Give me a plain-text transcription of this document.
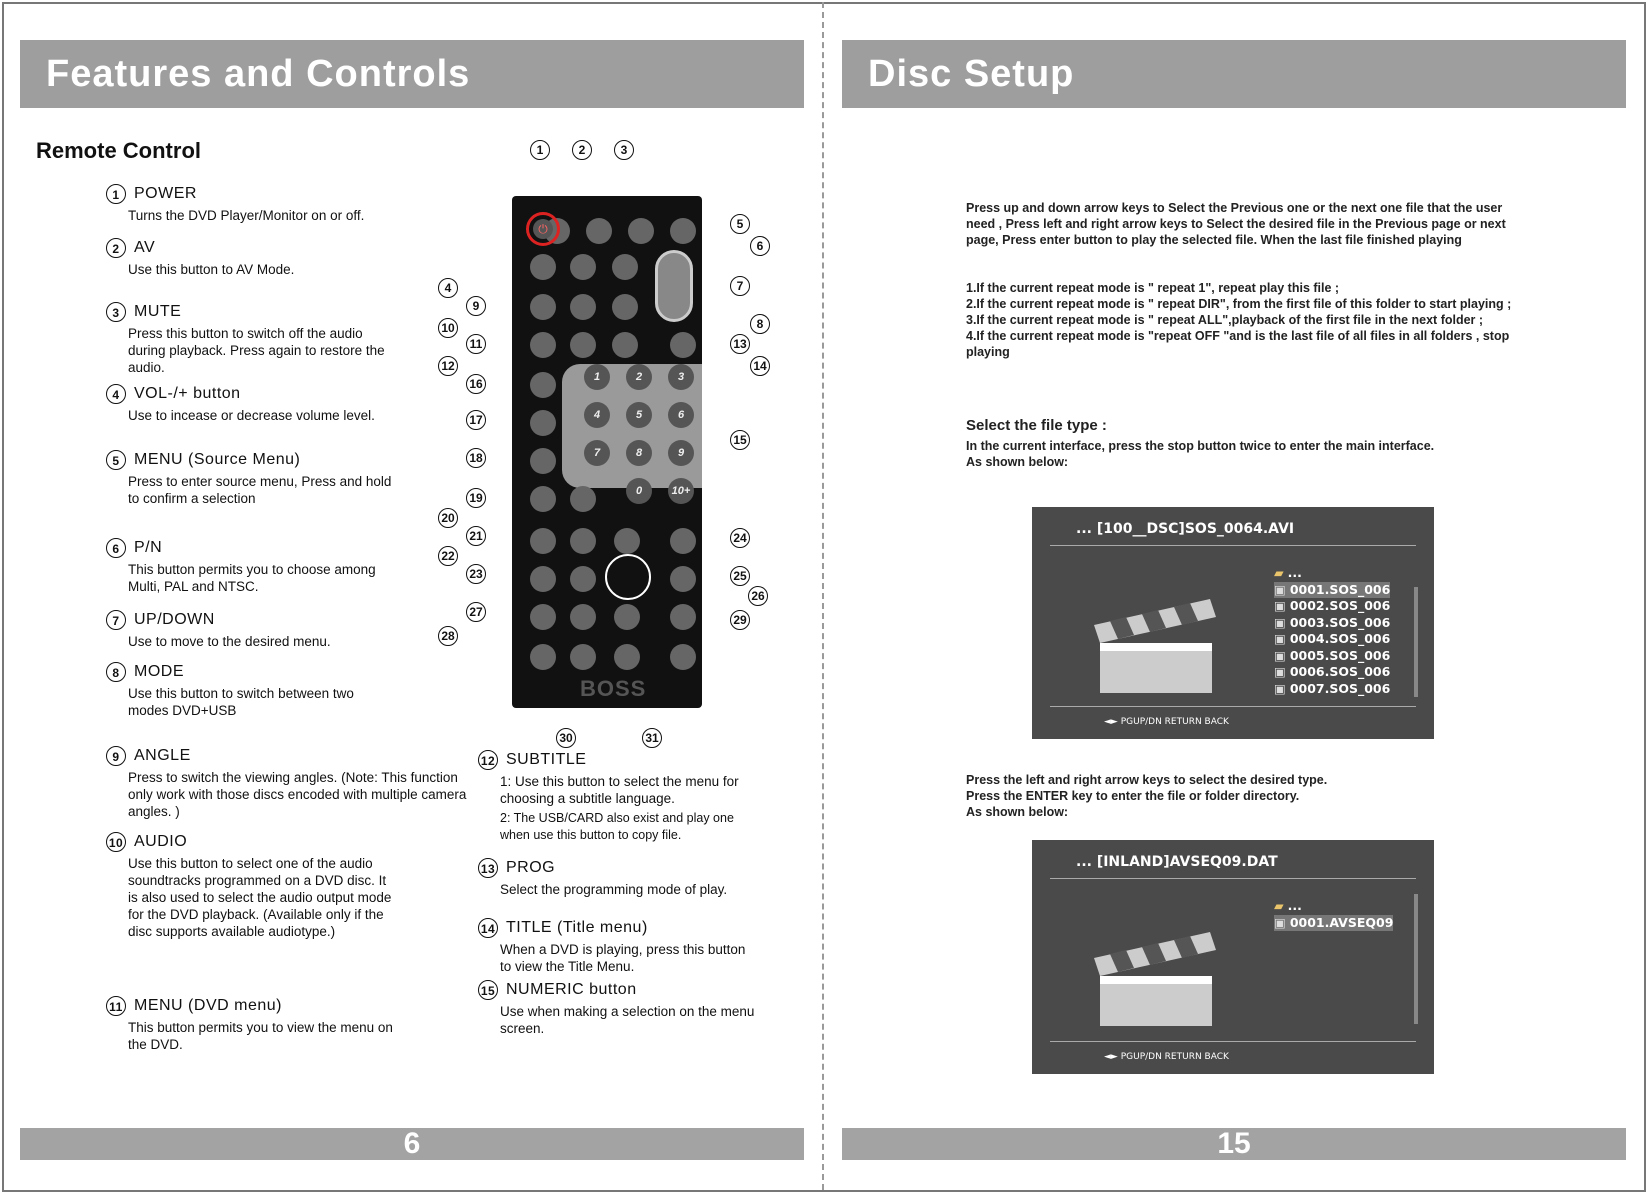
Features and Controls
Remote Control
1 POWER
Turns the DVD Player/Monitor on or off.
2 AV
Use this button to AV Mode.
3 MUTE
Press this button to switch off the audio during playback. Press again to restore the audio.
4 VOL-/+ button
Use to incease or decrease volume level.
5 MENU (Source Menu)
Press to enter source menu, Press and hold to confirm a selection
6 P/N
This button permits you to choose among Multi, PAL and NTSC.
7 UP/DOWN
Use to move to the desired menu.
8 MODE
Use this button to switch between two modes DVD+USB
9 ANGLE
Press to switch the viewing angles. (Note: This function only work with those discs encoded with multiple camera angles. )
10 AUDIO
Use this button to select one of the audio soundtracks programmed on a DVD disc. It is also used to select the audio output mode for the DVD playback. (Available only if the disc supports available audiotype.)
11 MENU (DVD menu)
This button permits you to view the menu on the DVD.
1	2	3
4	5	6
7	8	9
0	10+
⏻
BOSS
1	2	3
4
9
10
11
12
16
17
18
19
20
21
22
23
27
28
5
6
7
8
13
14
15
24
25
26
29
30	31
12 SUBTITLE
1: Use this button to select the menu for choosing a subtitle language.
2: The USB/CARD also exist and play one when use this button to copy file.
13 PROG
Select the programming mode of play.
14 TITLE (Title menu)
When a DVD is playing, press this button to view the Title Menu.
15 NUMERIC button
Use when making a selection on the menu screen.
6
Disc Setup
Press up and down arrow keys to Select the Previous one or the next one file that the user need , Press left and right arrow keys to Select the desired file in the Previous page or next page, Press enter button to play the selected file. When the last file finished playing
1.If the current repeat mode is " repeat 1", repeat play this file ;
2.If the current repeat mode is " repeat DIR", from the first file of this folder to start playing ;
3.If the current repeat mode is " repeat ALL",playback of the first file in the next folder ;
4.If the current repeat mode is "repeat OFF "and is the last file of all files in all folders , stop playing
Select the file type :
In the current interface, press the stop button twice to enter the main interface.
As shown below:
... [100__DSC]SOS_0064.AVI
▰ ...
▣ 0001.SOS_006
▣ 0002.SOS_006
▣ 0003.SOS_006
▣ 0004.SOS_006
▣ 0005.SOS_006
▣ 0006.SOS_006
▣ 0007.SOS_006
◄► PGUP/DN RETURN BACK
Press the left and right arrow keys to select the desired type.
Press the ENTER key to enter the file or folder directory.
As shown below:
... [INLAND]AVSEQ09.DAT
▰ ...
▣ 0001.AVSEQ09
◄► PGUP/DN RETURN BACK
15
